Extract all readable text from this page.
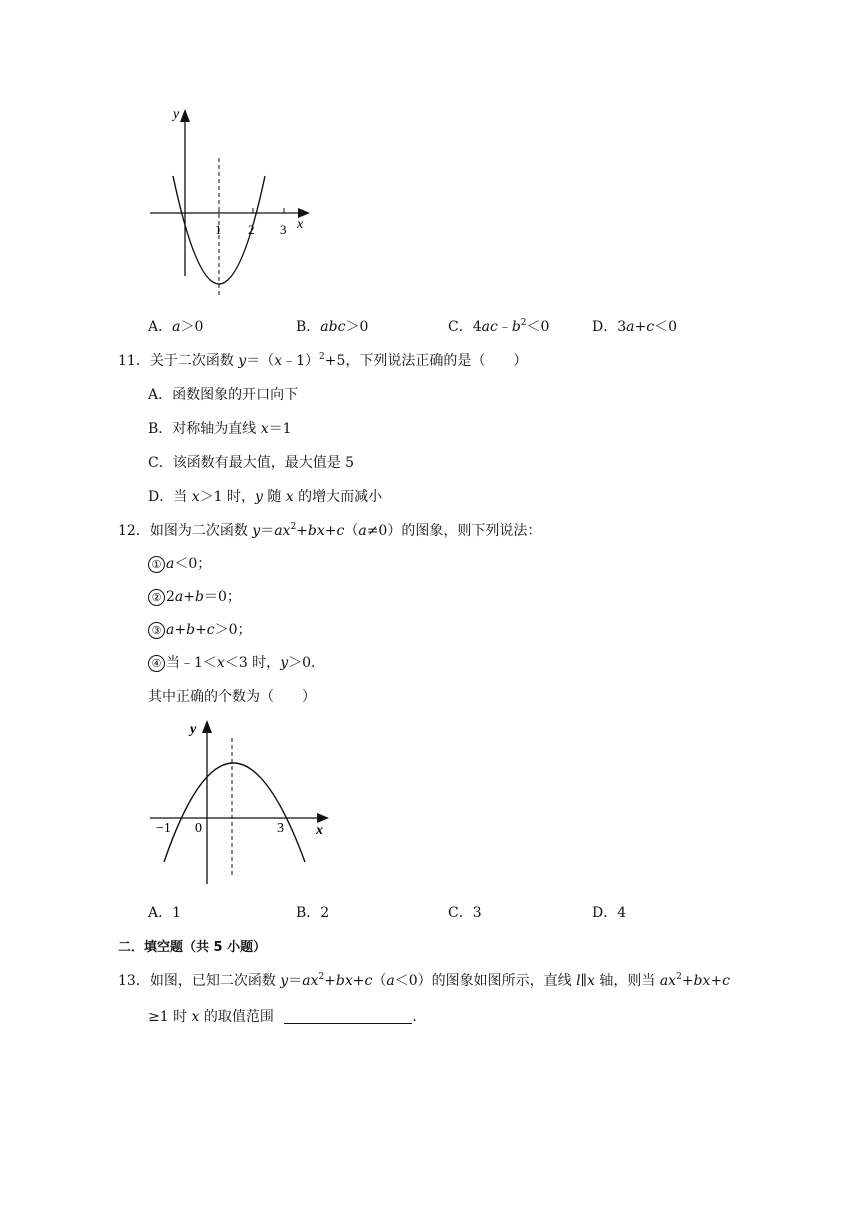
y
x
1 2 3
A．a＞0	B．abc＞0	C．$4ac﹣b^2<0$	D．3a+c＜0
11．关于二次函数 y＝（x﹣1）$^2$+5，下列说法正确的是（　　）
A．函数图象的开口向下
B．对称轴为直线 x＝1
C．该函数有最大值，最大值是 5
D．当 x＞1 时，y 随 x 的增大而减小
12．如图为二次函数 $y=ax^2+bx+c(a\ne 0)$的图象，则下列说法：
① a＜0；
② 2a+b＝0；
③ a+b+c＞0；
④ 当﹣1＜x＜3 时，y＞0．
其中正确的个数为（　　）
y
x
−1 0	3
A．1	B．2	C．3	D．4
二．填空题（共 5 小题）
13．如图，已知二次函数 $y=ax^2+bx+c(a<0)$的图象如图所示，直线 l∥x 轴，则当 $ax^2+bx+c$
≥1 时 x 的取值范围	．
